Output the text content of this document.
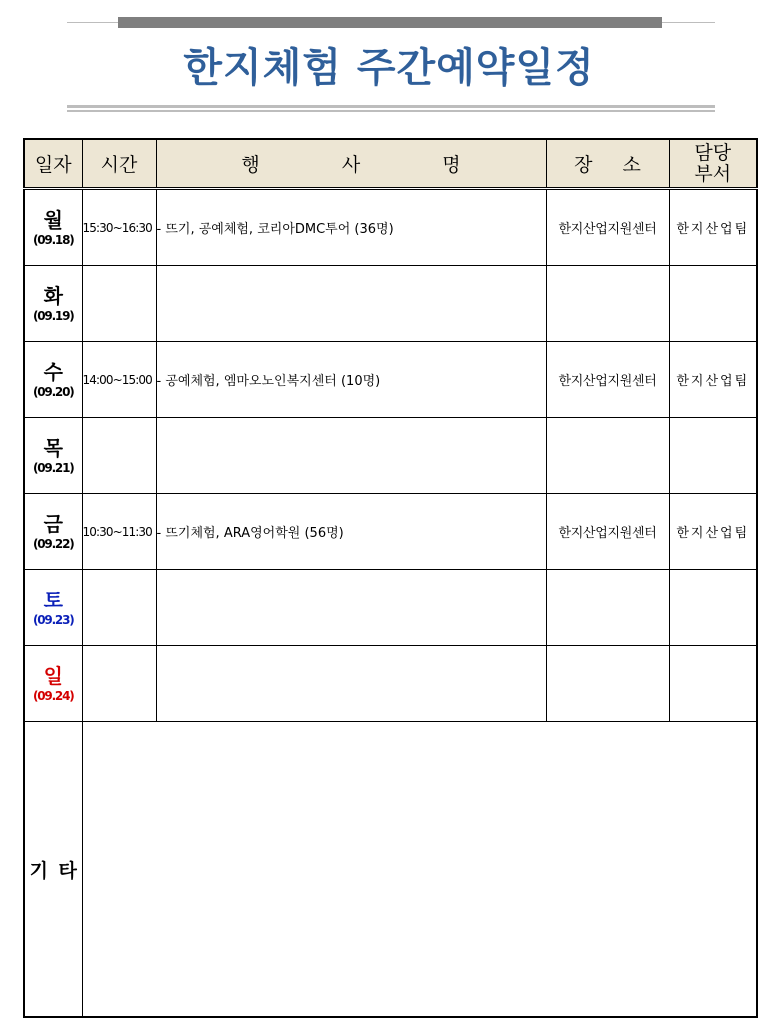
한지체험 주간예약일정
일자	시간	행 사 명	장 소	담당
부서

월
(09.18)	15:30~16:30	- 뜨기, 공예체험, 코리아DMC투어 (36명)	한지산업지원센터	한지산업팀

화
(09.19)				

수
(09.20)	14:00~15:00	- 공예체험, 엠마오노인복지센터 (10명)	한지산업지원센터	한지산업팀

목
(09.21)				

금
(09.22)	10:30~11:30	- 뜨기체험, ARA영어학원 (56명)	한지산업지원센터	한지산업팀

토
(09.23)				

일
(09.24)				

기 타				
